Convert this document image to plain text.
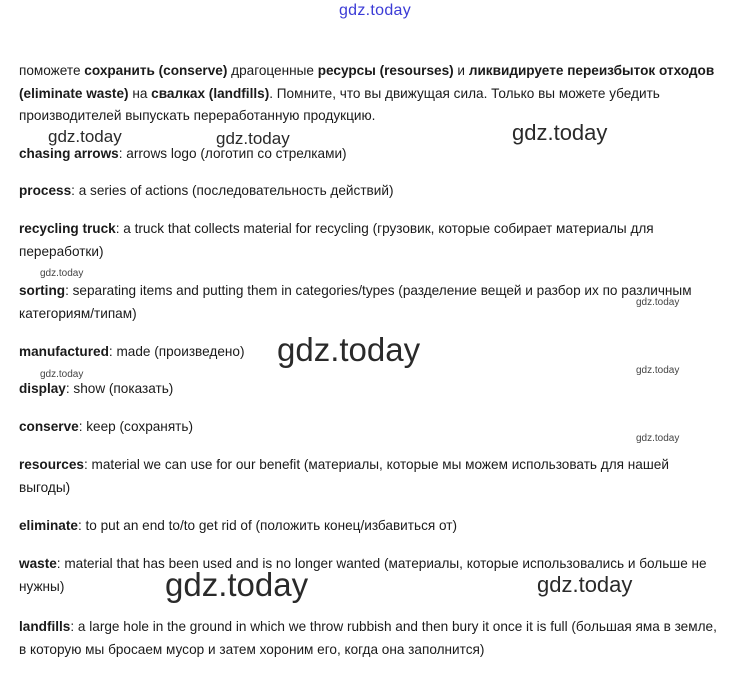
gdz.today
поможете сохранить (conserve) драгоценные ресурсы (resourses) и ликвидируете переизбыток отходов (eliminate waste) на свалках (landfills). Помните, что вы движущая сила. Только вы можете убедить производителей выпускать переработанную продукцию.
chasing arrows: arrows logo (логотип со стрелками)
process: a series of actions (последовательность действий)
recycling truck: a truck that collects material for recycling (грузовик, которые собирает материалы для переработки)
sorting: separating items and putting them in categories/types (разделение вещей и разбор их по различным категориям/типам)
manufactured: made (произведено)
display: show (показать)
conserve: keep (сохранять)
resources: material we can use for our benefit (материалы, которые мы можем использовать для нашей выгоды)
eliminate: to put an end to/to get rid of (положить конец/избавиться от)
waste: material that has been used and is no longer wanted (материалы, которые использовались и больше не нужны)
landfills: a large hole in the ground in which we throw rubbish and then bury it once it is full (большая яма в земле, в которую мы бросаем мусор и затем хороним его, когда она заполнится)
gdz.today	gdz.today	gdz.today
gdz.today
gdz.today
gdz.today
gdz.today	gdz.today
gdz.today
gdz.today	gdz.today
